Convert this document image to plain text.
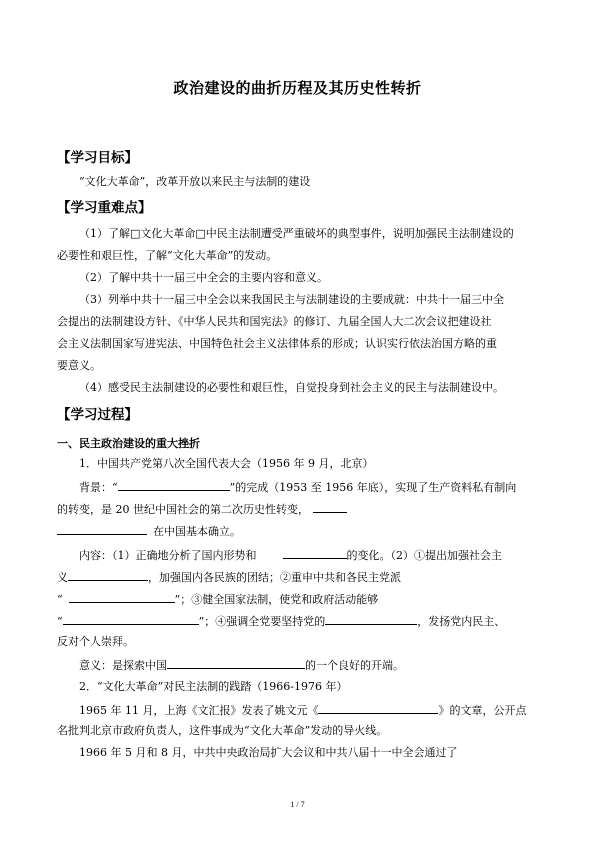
政治建设的曲折历程及其历史性转折
【学习目标】
“文化大革命”，改革开放以来民主与法制的建设
【学习重难点】
（1）了解□文化大革命□中民主法制遭受严重破坏的典型事件，说明加强民主法制建设的
必要性和艰巨性，了解“文化大革命”的发动。
（2）了解中共十一届三中全会的主要内容和意义。
（3）列举中共十一届三中全会以来我国民主与法制建设的主要成就：中共十一届三中全
会提出的法制建设方针、《中华人民共和国宪法》的修订、九届全国人大二次会议把建设社
会主义法制国家写进宪法、中国特色社会主义法律体系的形成；认识实行依法治国方略的重
要意义。
（4）感受民主法制建设的必要性和艰巨性，自觉投身到社会主义的民主与法制建设中。
【学习过程】
一、民主政治建设的重大挫折
1．中国共产党第八次全国代表大会（1956 年 9 月，北京）
背景：“	”的完成（1953 至 1956 年底），实现了生产资料私有制向
的转变，是 20 世纪中国社会的第二次历史性转变，
在中国基本确立。
内容：（1）正确地分析了国内形势和	的变化。（2）①提出加强社会主
义	，加强国内各民族的团结；②重申中共和各民主党派
“	”；③健全国家法制，使党和政府活动能够
“	”；④强调全党要坚持党的	，发扬党内民主、
反对个人崇拜。
意义：是探索中国	的一个良好的开端。
2．“文化大革命”对民主法制的践踏（1966-1976 年）
1965 年 11 月，上海《文汇报》发表了姚文元《	》的文章，公开点
名批判北京市政府负责人，这件事成为“文化大革命”发动的导火线。
1966 年 5 月和 8 月，中共中央政治局扩大会议和中共八届十一中全会通过了
1 / 7
